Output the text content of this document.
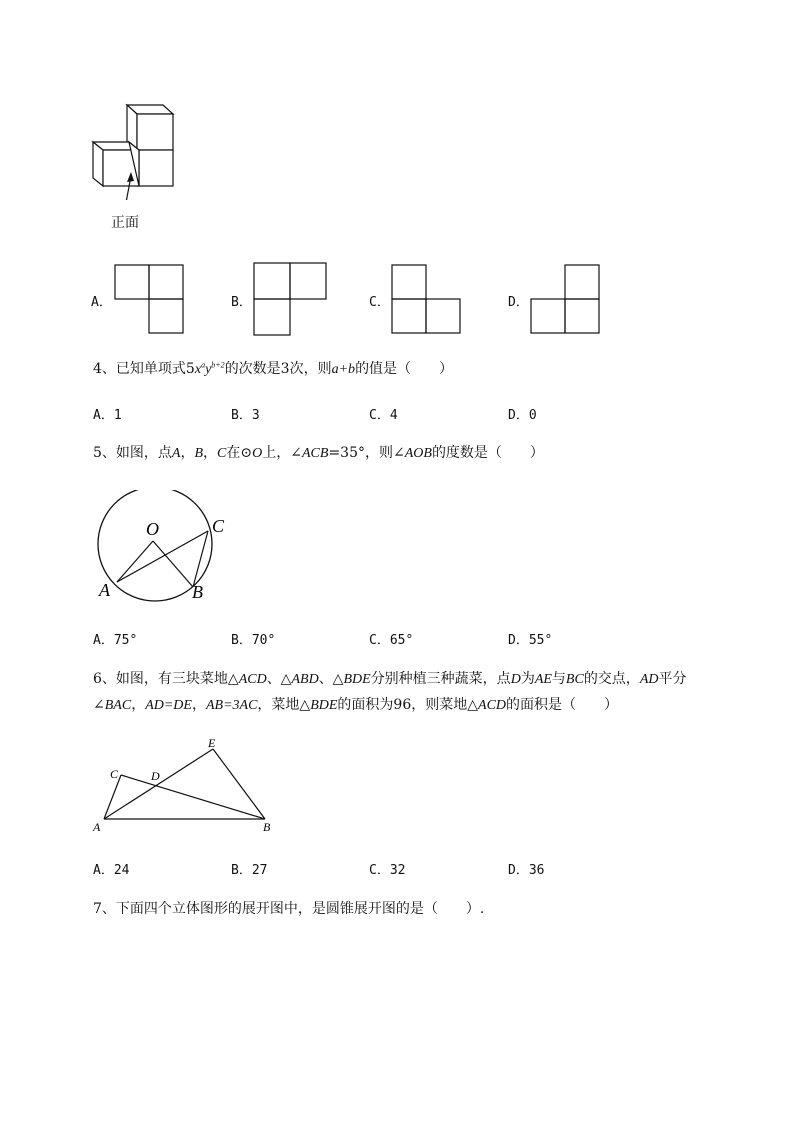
正面
A．	B．	C．	D．
4、已知单项式$5x^ay^{b+2}$的次数是3次，则a+b的值是（　　）
A．1	B．3	C．4	D．0
5、如图，点A，B，C在⊙O上，∠ACB=35°，则∠AOB的度数是（　　）
O	C
A	B
A．75°	B．70°	C．65°	D．55°
6、如图，有三块菜地△ACD、△ABD、△BDE分别种植三种蔬菜，点D为AE与BC的交点，AD平分
∠BAC，AD=DE，AB=3AC，菜地△BDE的面积为96，则菜地△ACD的面积是（　　）
A	B
C	D
E
A．24	B．27	C．32	D．36
7、下面四个立体图形的展开图中，是圆锥展开图的是（　　）.
